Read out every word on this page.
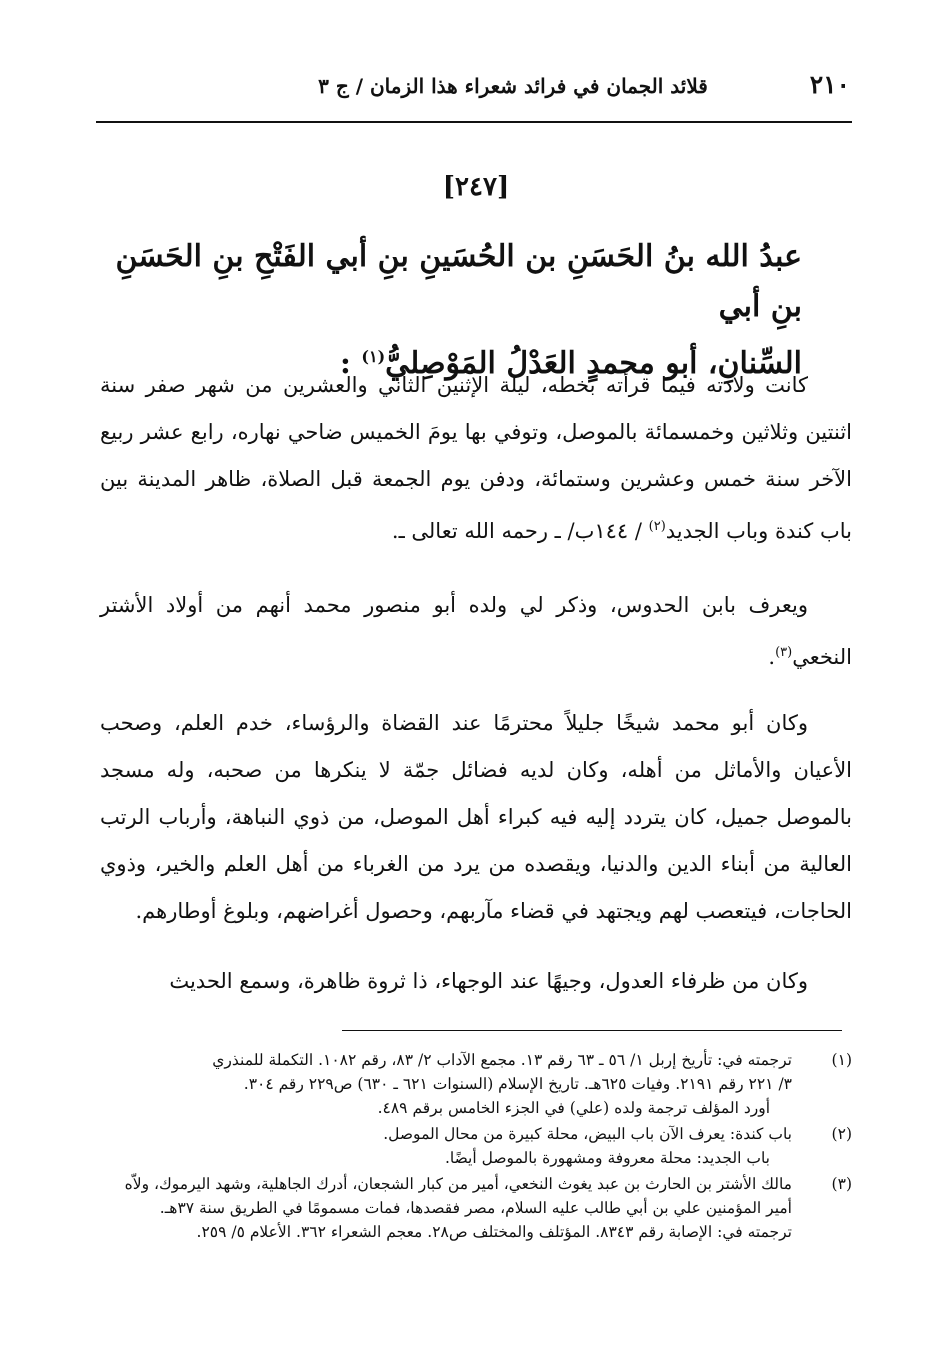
٢١٠
قلائد الجمان في فرائد شعراء هذا الزمان / ج ٣
[٢٤٧]
عبدُ الله بنُ الحَسَنِ بن الحُسَينِ بنِ أبي الفَتْحِ بنِ الحَسَنِ بنِ أبي
السِّنانِ، أبو محمدٍ العَدْلُ المَوْصِليُّ$^{(١)}$ :
كانت ولادته فيما قرأته بخطه، ليلة الإثنين الثاني والعشرين من شهر صفر سنة اثنتين وثلاثين وخمسمائة بالموصل، وتوفي بها يومَ الخميس ضاحي نهاره، رابع عشر ربيع الآخر سنة خمس وعشرين وستمائة، ودفن يوم الجمعة قبل الصلاة، ظاهر المدينة بين باب كندة وباب الجديد$^{(٢)}$ / ١٤٤ب/ ـ رحمه الله تعالى ـ.
ويعرف بابن الحدوس، وذكر لي ولده أبو منصور محمد أنهم من أولاد الأشتر النخعي$^{(٣)}$.
وكان أبو محمد شيخًا جليلاً محترمًا عند القضاة والرؤساء، خدم العلم، وصحب الأعيان والأماثل من أهله، وكان لديه فضائل جمّة لا ينكرها من صحبه، وله مسجد بالموصل جميل، كان يتردد إليه فيه كبراء أهل الموصل، من ذوي النباهة، وأرباب الرتب العالية من أبناء الدين والدنيا، ويقصده من يرد من الغرباء من أهل العلم والخير، وذوي الحاجات، فيتعصب لهم ويجتهد في قضاء مآربهم، وحصول أغراضهم، وبلوغ أوطارهم.
وكان من ظرفاء العدول، وجيهًا عند الوجهاء، ذا ثروة ظاهرة، وسمع الحديث
(١)
ترجمته في: تأريخ إربل ١/ ٥٦ ـ ٦٣ رقم ١٣. مجمع الآداب ٢/ ٨٣، رقم ١٠٨٢. التكملة للمنذري
٣/ ٢٢١ رقم ٢١٩١. وفيات ٦٢٥هـ. تاريخ الإسلام (السنوات ٦٢١ ـ ٦٣٠) ص٢٢٩ رقم ٣٠٤.
أورد المؤلف ترجمة ولده (علي) في الجزء الخامس برقم ٤٨٩.
(٢)
باب كندة: يعرف الآن باب البيض، محلة كبيرة من محال الموصل.
باب الجديد: محلة معروفة ومشهورة بالموصل أيضًا.
(٣)
مالك الأشتر بن الحارث بن عبد يغوث النخعي، أمير من كبار الشجعان، أدرك الجاهلية، وشهد اليرموك، ولاّه
أمير المؤمنين علي بن أبي طالب عليه السلام، مصر فقصدها، فمات مسمومًا في الطريق سنة ٣٧هـ.
ترجمته في: الإصابة رقم ٨٣٤٣. المؤتلف والمختلف ص٢٨. معجم الشعراء ٣٦٢. الأعلام ٥/ ٢٥٩.
